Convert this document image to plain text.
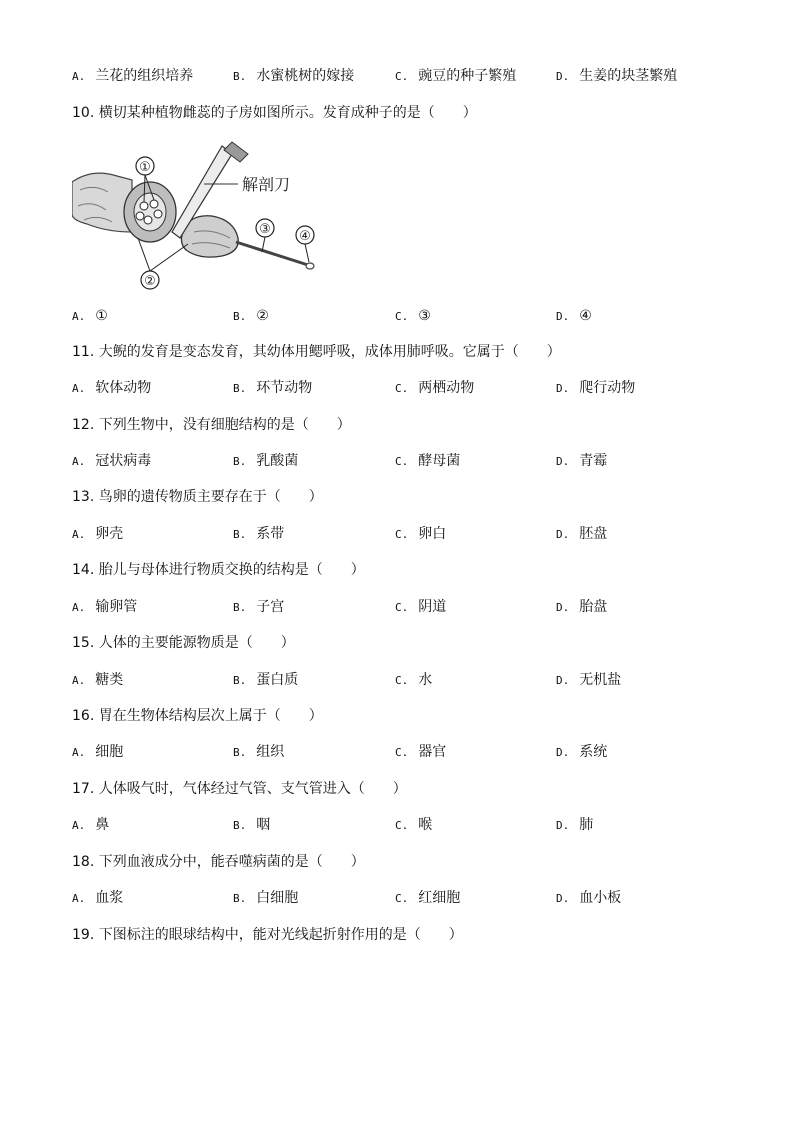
A. 兰花的组织培养	B. 水蜜桃树的嫁接	C. 豌豆的种子繁殖	D. 生姜的块茎繁殖
10. 横切某种植物雌蕊的子房如图所示。发育成种子的是（　　）
解剖刀
①
②
③ ④
A. ①	B. ②	C. ③	D. ④
11. 大鲵的发育是变态发育，其幼体用鳃呼吸，成体用肺呼吸。它属于（　　）
A. 软体动物	B. 环节动物	C. 两栖动物	D. 爬行动物
12. 下列生物中，没有细胞结构的是（　　）
A. 冠状病毒	B. 乳酸菌	C. 酵母菌	D. 青霉
13. 鸟卵的遗传物质主要存在于（　　）
A. 卵壳	B. 系带	C. 卵白	D. 胚盘
14. 胎儿与母体进行物质交换的结构是（　　）
A. 输卵管	B. 子宫	C. 阴道	D. 胎盘
15. 人体的主要能源物质是（　　）
A. 糖类	B. 蛋白质	C. 水	D. 无机盐
16. 胃在生物体结构层次上属于（　　）
A. 细胞	B. 组织	C. 器官	D. 系统
17. 人体吸气时，气体经过气管、支气管进入（　　）
A. 鼻	B. 咽	C. 喉	D. 肺
18. 下列血液成分中，能吞噬病菌的是（　　）
A. 血浆	B. 白细胞	C. 红细胞	D. 血小板
19. 下图标注的眼球结构中，能对光线起折射作用的是（　　）
